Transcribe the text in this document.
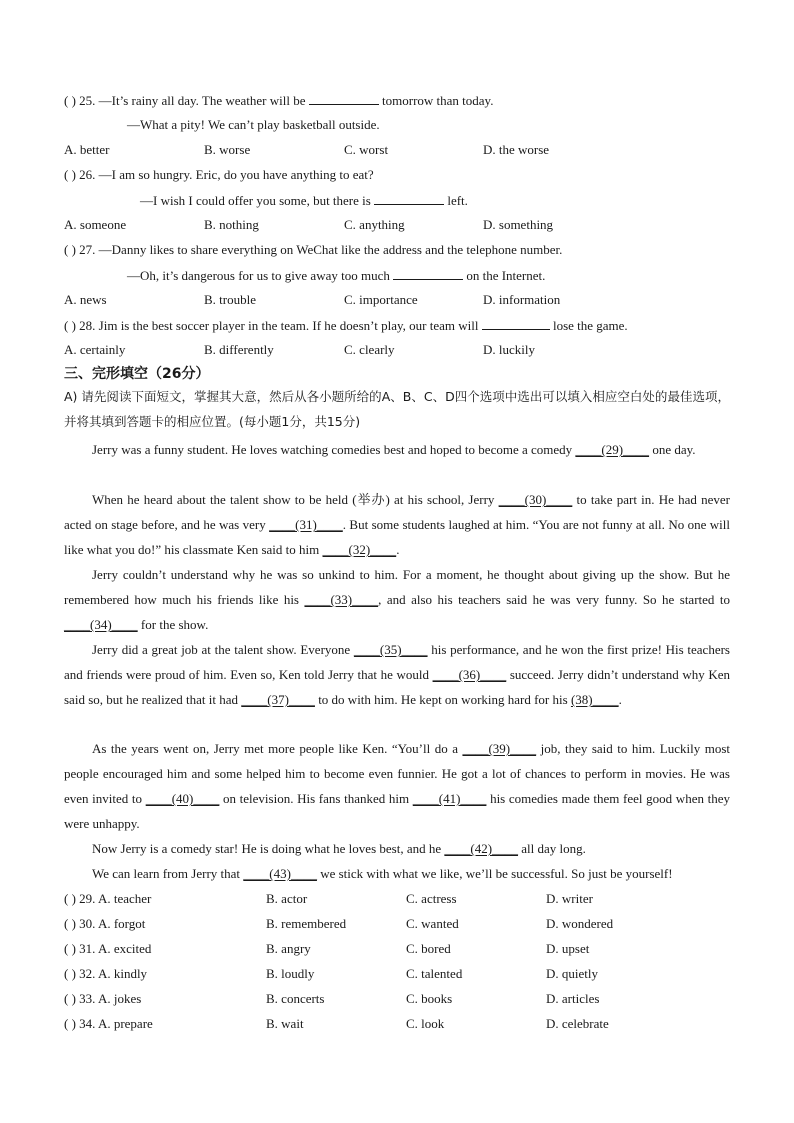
( ) 25. —It’s rainy all day. The weather will be	tomorrow than today.
—What a pity! We can’t play basketball outside.
A. better	B. worse	C. worst	D. the worse
( ) 26. —I am so hungry. Eric, do you have anything to eat?
—I wish I could offer you some, but there is	left.
A. someone	B. nothing	C. anything	D. something
( ) 27. —Danny likes to share everything on WeChat like the address and the telephone number.
—Oh, it’s dangerous for us to give away too much	on the Internet.
A. news	B. trouble	C. importance	D. information
( ) 28. Jim is the best soccer player in the team. If he doesn’t play, our team will	lose the game.
A. certainly	B. differently	C. clearly	D. luckily
三、完形填空（26分）
A) 请先阅读下面短文，掌握其大意，然后从各小题所给的A、B、C、D四个选项中选出可以填入相应空白处的最佳选项，并将其填到答题卡的相应位置。(每小题1分，共15分)
Jerry was a funny student. He loves watching comedies best and hoped to become a comedy ____(29)____ one day.
When he heard about the talent show to be held (举办) at his school, Jerry ____(30)____ to take part in. He had never acted on stage before, and he was very ____(31)____. But some students laughed at him. “You are not funny at all. No one will like what you do!” his classmate Ken said to him ____(32)____.
Jerry couldn’t understand why he was so unkind to him. For a moment, he thought about giving up the show. But he remembered how much his friends like his ____(33)____, and also his teachers said he was very funny. So he started to ____(34)____ for the show.
Jerry did a great job at the talent show. Everyone ____(35)____ his performance, and he won the first prize! His teachers and friends were proud of him. Even so, Ken told Jerry that he would ____(36)____ succeed. Jerry didn’t understand why Ken said so, but he realized that it had ____(37)____ to do with him. He kept on working hard for his (38)____.
As the years went on, Jerry met more people like Ken. “You’ll do a ____(39)____ job, they said to him. Luckily most people encouraged him and some helped him to become even funnier. He got a lot of chances to perform in movies. He was even invited to ____(40)____ on television. His fans thanked him ____(41)____ his comedies made them feel good when they were unhappy.
Now Jerry is a comedy star! He is doing what he loves best, and he ____(42)____ all day long.
We can learn from Jerry that ____(43)____ we stick with what we like, we’ll be successful. So just be yourself!
( ) 29. A. teacher	B. actor	C. actress	D. writer
( ) 30. A. forgot	B. remembered	C. wanted	D. wondered
( ) 31. A. excited	B. angry	C. bored	D. upset
( ) 32. A. kindly	B. loudly	C. talented	D. quietly
( ) 33. A. jokes	B. concerts	C. books	D. articles
( ) 34. A. prepare	B. wait	C. look	D. celebrate
